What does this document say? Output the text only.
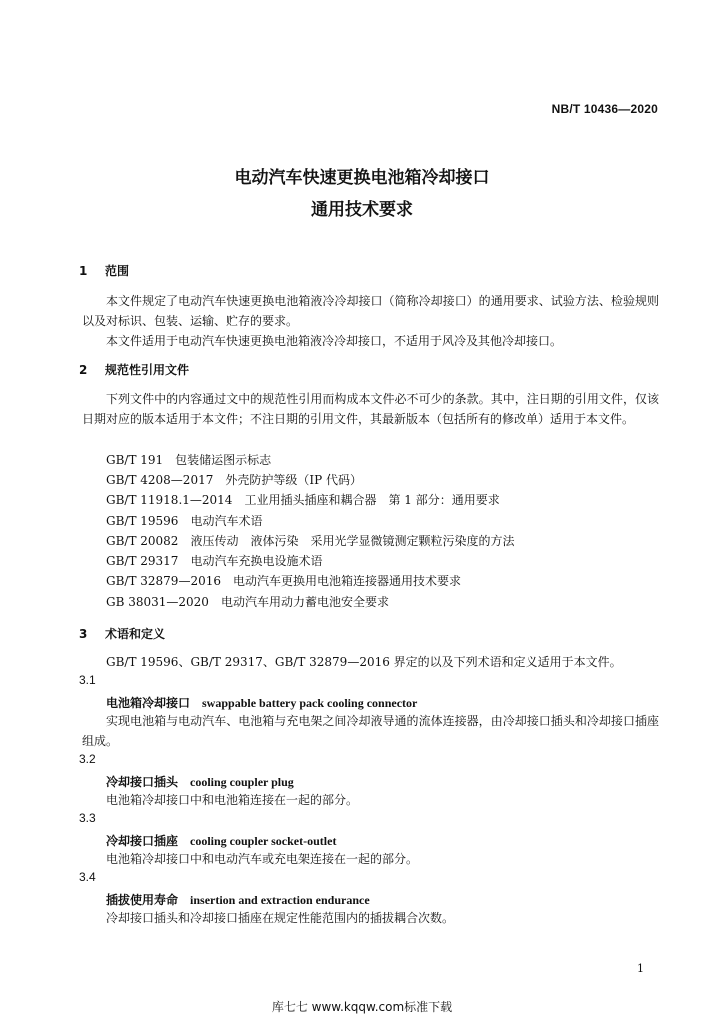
NB/T 10436—2020
电动汽车快速更换电池箱冷却接口
通用技术要求
1 范围
本文件规定了电动汽车快速更换电池箱液冷冷却接口（简称冷却接口）的通用要求、试验方法、检验规则以及对标识、包装、运输、贮存的要求。
本文件适用于电动汽车快速更换电池箱液冷冷却接口，不适用于风冷及其他冷却接口。
2 规范性引用文件
下列文件中的内容通过文中的规范性引用而构成本文件必不可少的条款。其中，注日期的引用文件，仅该日期对应的版本适用于本文件；不注日期的引用文件，其最新版本（包括所有的修改单）适用于本文件。
GB/T 191 包装储运图示标志
GB/T 4208—2017 外壳防护等级（IP 代码）
GB/T 11918.1—2014 工业用插头插座和耦合器　第 1 部分：通用要求
GB/T 19596 电动汽车术语
GB/T 20082 液压传动　液体污染　采用光学显微镜测定颗粒污染度的方法
GB/T 29317 电动汽车充换电设施术语
GB/T 32879—2016 电动汽车更换用电池箱连接器通用技术要求
GB 38031—2020 电动汽车用动力蓄电池安全要求
3 术语和定义
GB/T 19596、GB/T 29317、GB/T 32879—2016 界定的以及下列术语和定义适用于本文件。
3.1
电池箱冷却接口 swappable battery pack cooling connector
实现电池箱与电动汽车、电池箱与充电架之间冷却液导通的流体连接器，由冷却接口插头和冷却接口插座组成。
3.2
冷却接口插头 cooling coupler plug
电池箱冷却接口中和电池箱连接在一起的部分。
3.3
冷却接口插座 cooling coupler socket-outlet
电池箱冷却接口中和电动汽车或充电架连接在一起的部分。
3.4
插拔使用寿命 insertion and extraction endurance
冷却接口插头和冷却接口插座在规定性能范围内的插拔耦合次数。
1
库七七 www.kqqw.com标准下载
